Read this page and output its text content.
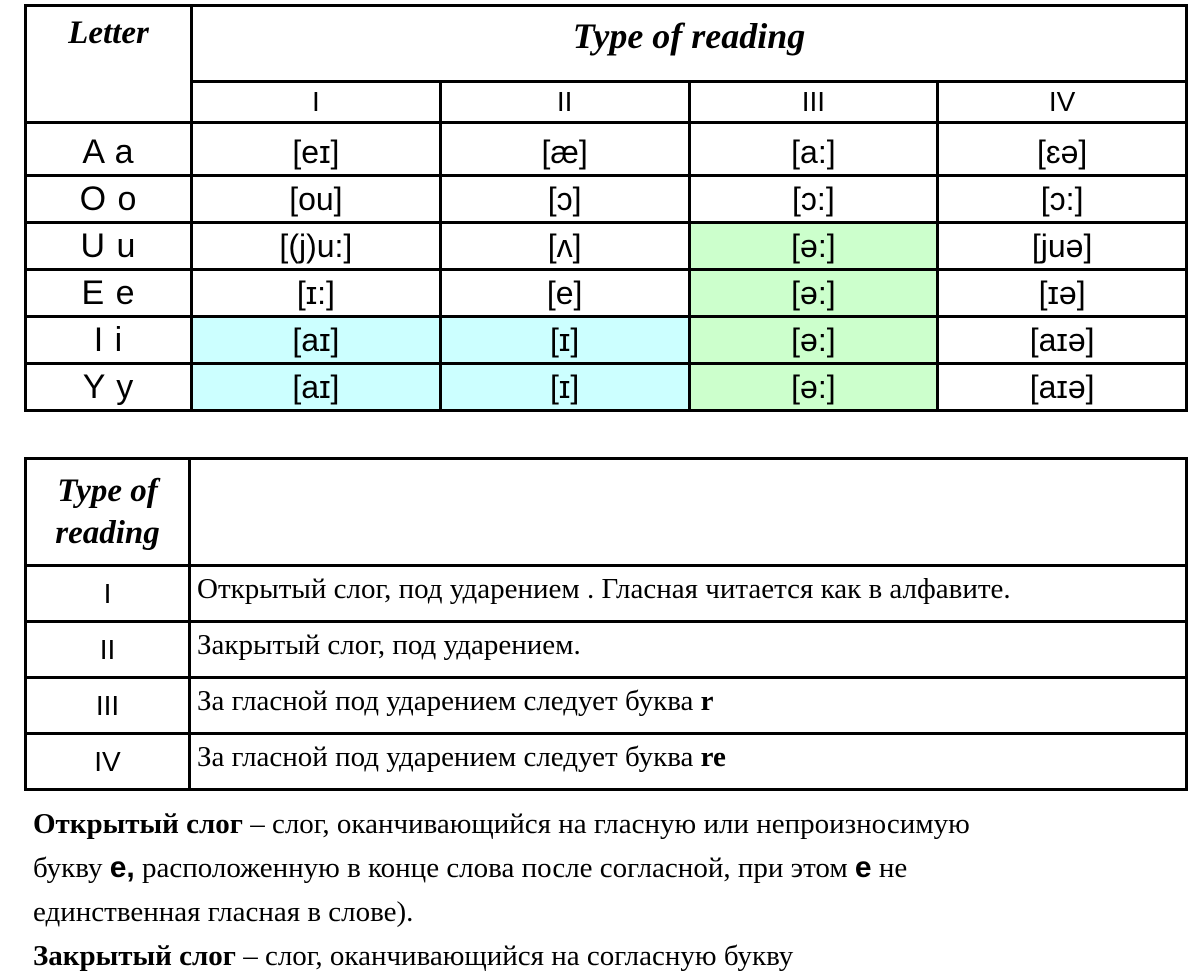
Letter	Type of reading			
	I	II	III	IV
A a	[eɪ]	[æ]	[a:]	[ɛə]
O o	[ou]	[ɔ]	[ɔ:]	[ɔ:]
U u	[(j)u:]	[ʌ]	[ə:]	[juə]
E e	[ɪ:]	[e]	[ə:]	[ɪə]
I i	[aɪ]	[ɪ]	[ə:]	[aɪə]
Y y	[aɪ]	[ɪ]	[ə:]	[aɪə]
Type of
reading	
I	Открытый слог, под ударением . Гласная читается как в алфавите.
II	Закрытый слог, под ударением.
III	За гласной под ударением следует буква r
IV	За гласной под ударением следует буква re

Открытый слог – слог, оканчивающийся на гласную или непроизносимую

букву e, расположенную в конце слова после согласной, при этом e не

единственная гласная в слове).

Закрытый слог – слог, оканчивающийся на согласную букву
